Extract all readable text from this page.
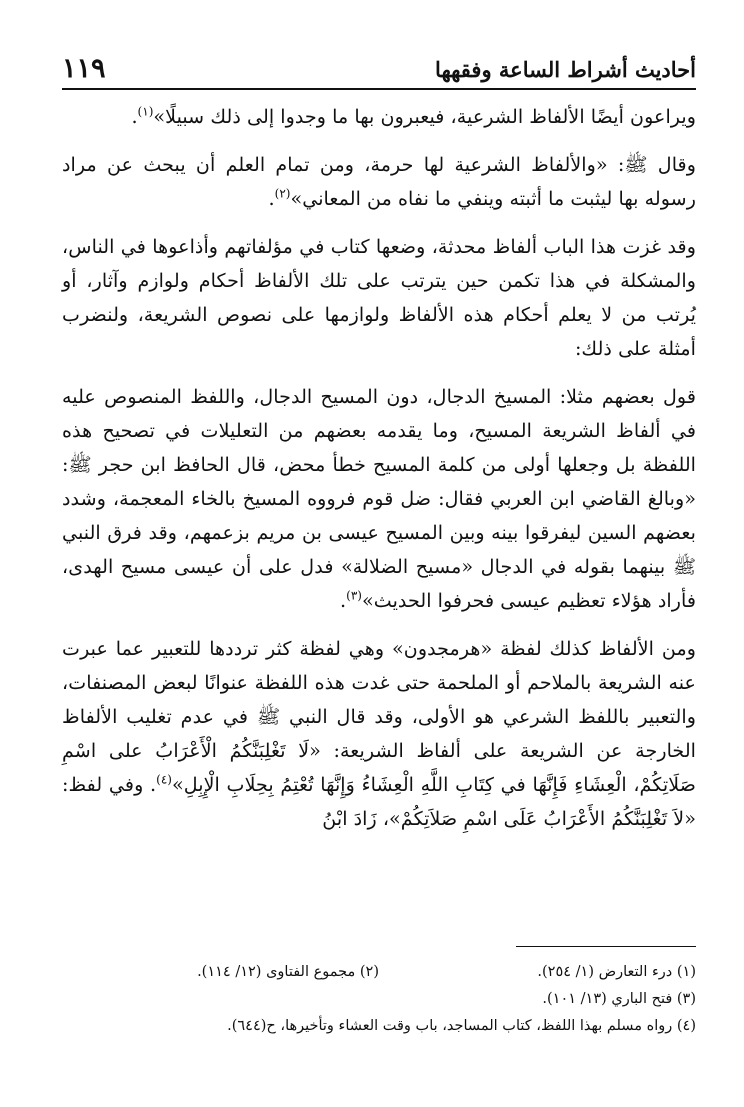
١١٩	أحاديث أشراط الساعة وفقهها

ويراعون أيضًا الألفاظ الشرعية، فيعبرون بها ما وجدوا إلى ذلك سبيلًا»$^{(١)}$.

وقال ﷺ: «والألفاظ الشرعية لها حرمة، ومن تمام العلم أن يبحث عن مراد رسوله بها ليثبت ما أثبته وينفي ما نفاه من المعاني»$^{(٢)}$.

وقد غزت هذا الباب ألفاظ محدثة، وضعها كتاب في مؤلفاتهم وأذاعوها في الناس، والمشكلة في هذا تكمن حين يترتب على تلك الألفاظ أحكام ولوازم وآثار، أو يُرتب من لا يعلم أحكام هذه الألفاظ ولوازمها على نصوص الشريعة، ولنضرب أمثلة على ذلك:

قول بعضهم مثلا: المسيخ الدجال، دون المسيح الدجال، واللفظ المنصوص عليه في ألفاظ الشريعة المسيح، وما يقدمه بعضهم من التعليلات في تصحيح هذه اللفظة بل وجعلها أولى من كلمة المسيح خطأ محض، قال الحافظ ابن حجر ﷺ: «وبالغ القاضي ابن العربي فقال: ضل قوم فرووه المسيخ بالخاء المعجمة، وشدد بعضهم السين ليفرقوا بينه وبين المسيح عيسى بن مريم بزعمهم، وقد فرق النبي ﷺ بينهما بقوله في الدجال «مسيح الضلالة» فدل على أن عيسى مسيح الهدى، فأراد هؤلاء تعظيم عيسى فحرفوا الحديث»$^{(٣)}$.

ومن الألفاظ كذلك لفظة «هرمجدون» وهي لفظة كثر ترددها للتعبير عما عبرت عنه الشريعة بالملاحم أو الملحمة حتى غدت هذه اللفظة عنوانًا لبعض المصنفات، والتعبير باللفظ الشرعي هو الأولى، وقد قال النبي ﷺ في عدم تغليب الألفاظ الخارجة عن الشريعة على ألفاظ الشريعة: «لَا تَغْلِبَنَّكُمُ الْأَعْرَابُ على اسْمِ صَلَاتِكُمْ، الْعِشَاءِ فَإِنَّهَا في كِتَابِ اللَّهِ الْعِشَاءُ وَإِنَّهَا تُعْتِمُ بِحِلَابِ الْإِبِلِ»$^{(٤)}$. وفي لفظ: «لاَ تَغْلِبَنَّكُمُ الأَعْرَابُ عَلَى اسْمِ صَلاَتِكُمْ»، زَادَ ابْنُ

(١) درء التعارض (١/ ٢٥٤).
(٢) مجموع الفتاوى (١٢/ ١١٤).
(٣) فتح الباري (١٣/ ١٠١).
(٤) رواه مسلم بهذا اللفظ، كتاب المساجد، باب وقت العشاء وتأخيرها، ح(٦٤٤).
